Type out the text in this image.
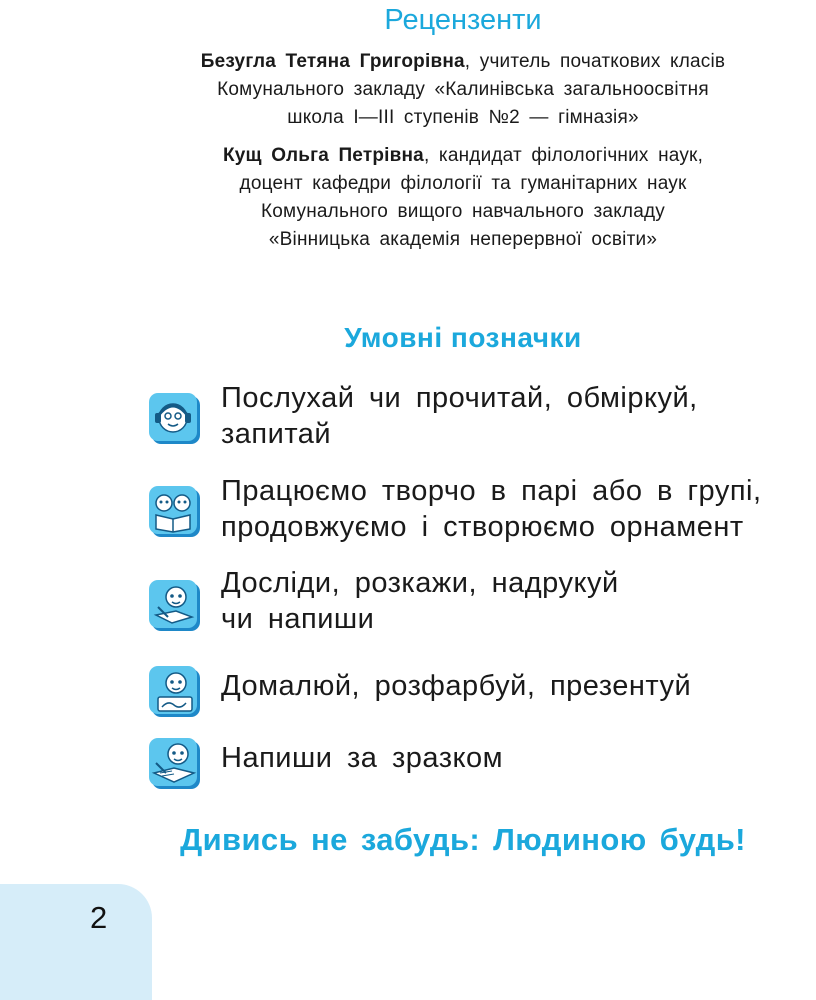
Рецензенти
Безугла Тетяна Григорівна, учитель початкових класів
Комунального закладу «Калинівська загальноосвітня
школа І—ІІІ ступенів №2 — гімназія»
Кущ Ольга Петрівна, кандидат філологічних наук,
доцент кафедри філології та гуманітарних наук
Комунального вищого навчального закладу
«Вінницька академія неперервної освіти»
Умовні позначки
Послухай чи прочитай, обміркуй,
запитай
Працюємо творчо в парі або в групі,
продовжуємо і створюємо орнамент
Досліди, розкажи, надрукуй
чи напиши
Домалюй, розфарбуй, презентуй
Напиши за зразком
Дивись не забудь: Людиною будь!
2
